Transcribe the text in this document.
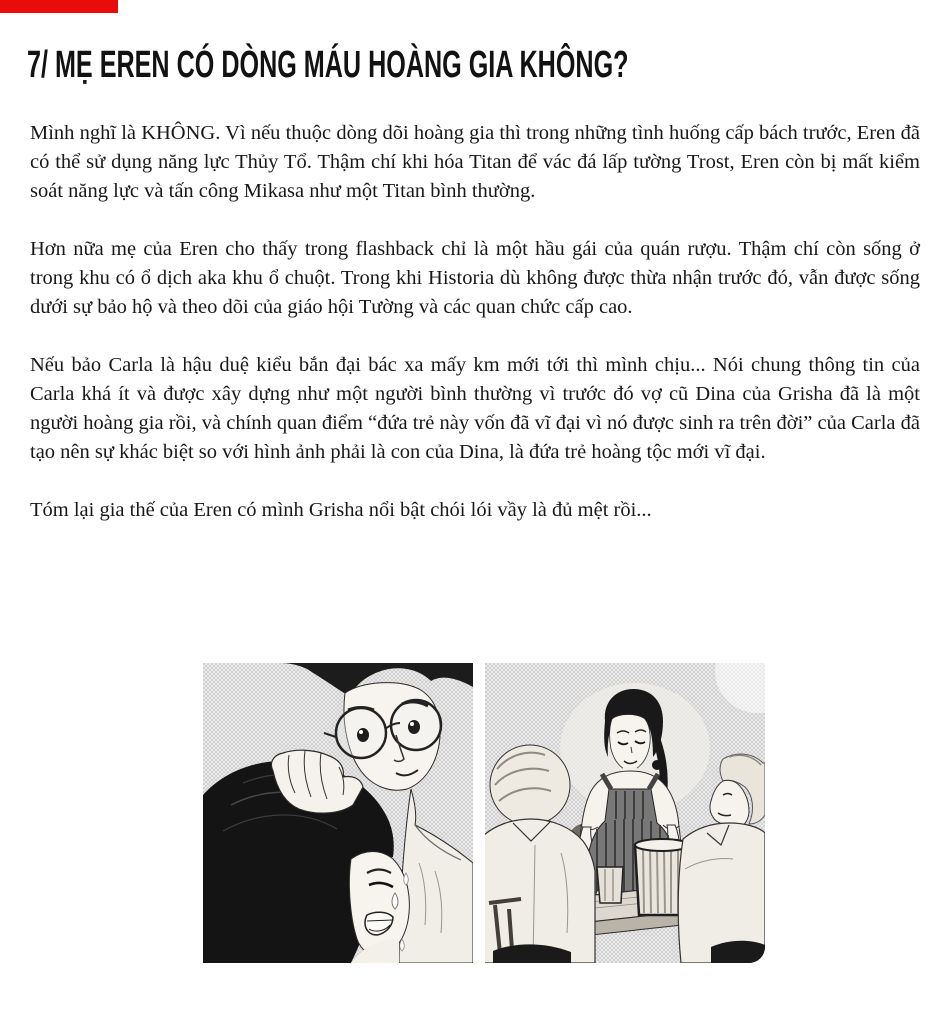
7/ MẸ EREN CÓ DÒNG MÁU HOÀNG GIA KHÔNG?

Mình nghĩ là KHÔNG. Vì nếu thuộc dòng dõi hoàng gia thì trong những tình huống cấp bách trước, Eren đã có thể sử dụng năng lực Thủy Tổ. Thậm chí khi hóa Titan để vác đá lấp tường Trost, Eren còn bị mất kiểm soát năng lực và tấn công Mikasa như một Titan bình thường.

Hơn nữa mẹ của Eren cho thấy trong flashback chỉ là một hầu gái của quán rượu. Thậm chí còn sống ở trong khu có ổ dịch aka khu ổ chuột. Trong khi Historia dù không được thừa nhận trước đó, vẫn được sống dưới sự bảo hộ và theo dõi của giáo hội Tường và các quan chức cấp cao.

Nếu bảo Carla là hậu duệ kiểu bắn đại bác xa mấy km mới tới thì mình chịu... Nói chung thông tin của Carla khá ít và được xây dựng như một người bình thường vì trước đó vợ cũ Dina của Grisha đã là một người hoàng gia rồi, và chính quan điểm “đứa trẻ này vốn đã vĩ đại vì nó được sinh ra trên đời” của Carla đã tạo nên sự khác biệt so với hình ảnh phải là con của Dina, là đứa trẻ hoàng tộc mới vĩ đại.

Tóm lại gia thế của Eren có mình Grisha nổi bật chói lói vầy là đủ mệt rồi...
